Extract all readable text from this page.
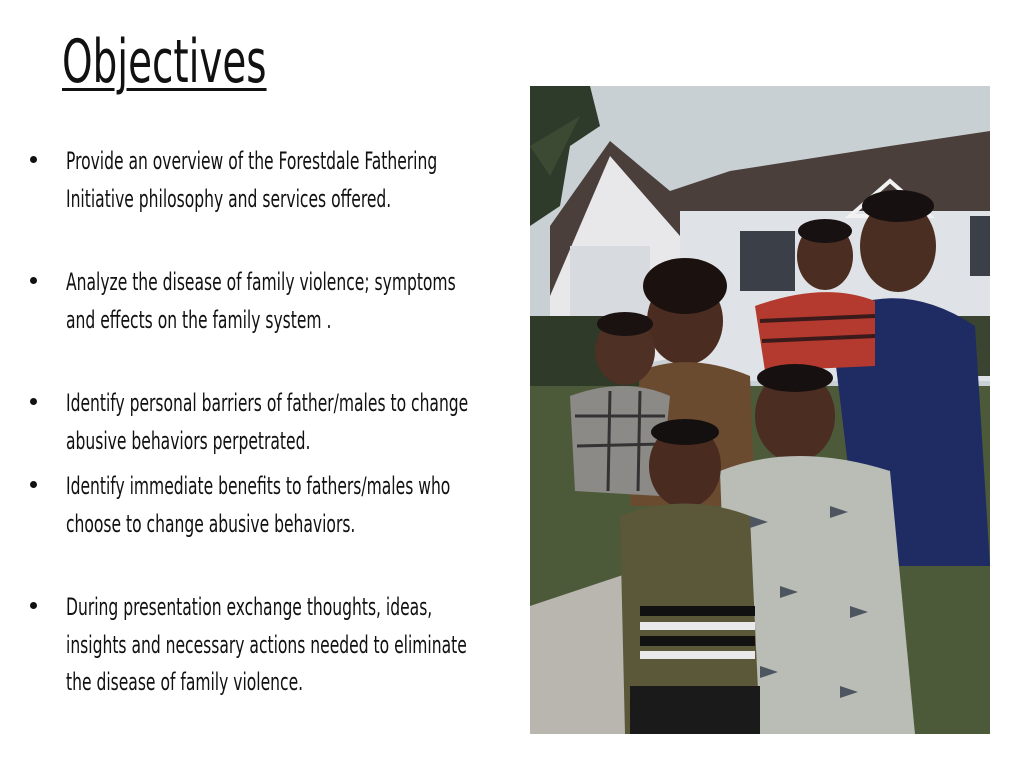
Objectives
Provide an overview of the Forestdale Fathering Initiative philosophy and services offered.
Analyze the disease of family violence; symptoms and effects on the family system .
Identify personal barriers of father/males to change abusive behaviors perpetrated.
Identify immediate benefits to fathers/males who choose to change abusive behaviors.
During presentation exchange thoughts, ideas, insights and necessary actions needed to eliminate the disease of family violence.
